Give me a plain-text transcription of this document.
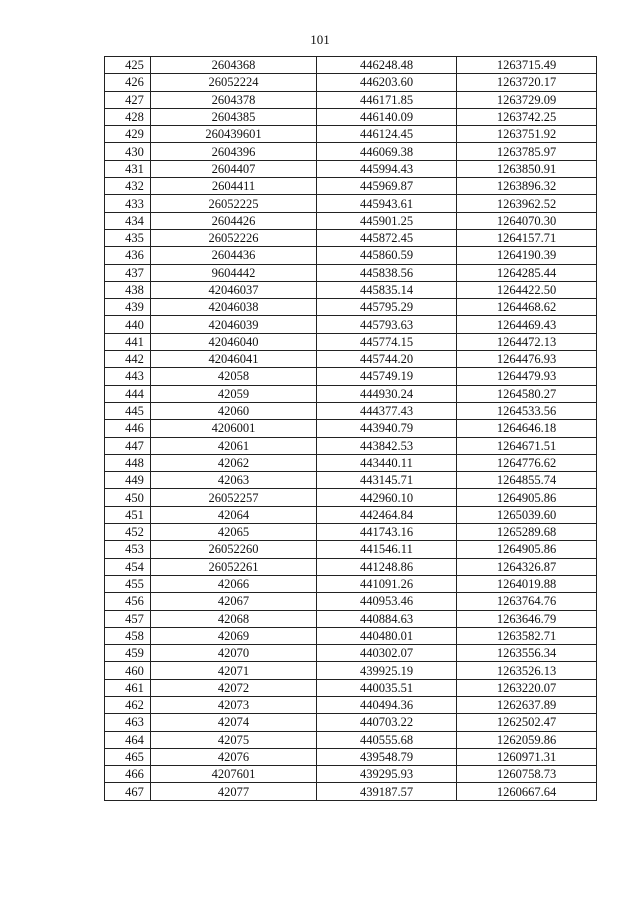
101
425	2604368	446248.48	1263715.49
426	26052224	446203.60	1263720.17
427	2604378	446171.85	1263729.09
428	2604385	446140.09	1263742.25
429	260439601	446124.45	1263751.92
430	2604396	446069.38	1263785.97
431	2604407	445994.43	1263850.91
432	2604411	445969.87	1263896.32
433	26052225	445943.61	1263962.52
434	2604426	445901.25	1264070.30
435	26052226	445872.45	1264157.71
436	2604436	445860.59	1264190.39
437	9604442	445838.56	1264285.44
438	42046037	445835.14	1264422.50
439	42046038	445795.29	1264468.62
440	42046039	445793.63	1264469.43
441	42046040	445774.15	1264472.13
442	42046041	445744.20	1264476.93
443	42058	445749.19	1264479.93
444	42059	444930.24	1264580.27
445	42060	444377.43	1264533.56
446	4206001	443940.79	1264646.18
447	42061	443842.53	1264671.51
448	42062	443440.11	1264776.62
449	42063	443145.71	1264855.74
450	26052257	442960.10	1264905.86
451	42064	442464.84	1265039.60
452	42065	441743.16	1265289.68
453	26052260	441546.11	1264905.86
454	26052261	441248.86	1264326.87
455	42066	441091.26	1264019.88
456	42067	440953.46	1263764.76
457	42068	440884.63	1263646.79
458	42069	440480.01	1263582.71
459	42070	440302.07	1263556.34
460	42071	439925.19	1263526.13
461	42072	440035.51	1263220.07
462	42073	440494.36	1262637.89
463	42074	440703.22	1262502.47
464	42075	440555.68	1262059.86
465	42076	439548.79	1260971.31
466	4207601	439295.93	1260758.73
467	42077	439187.57	1260667.64
